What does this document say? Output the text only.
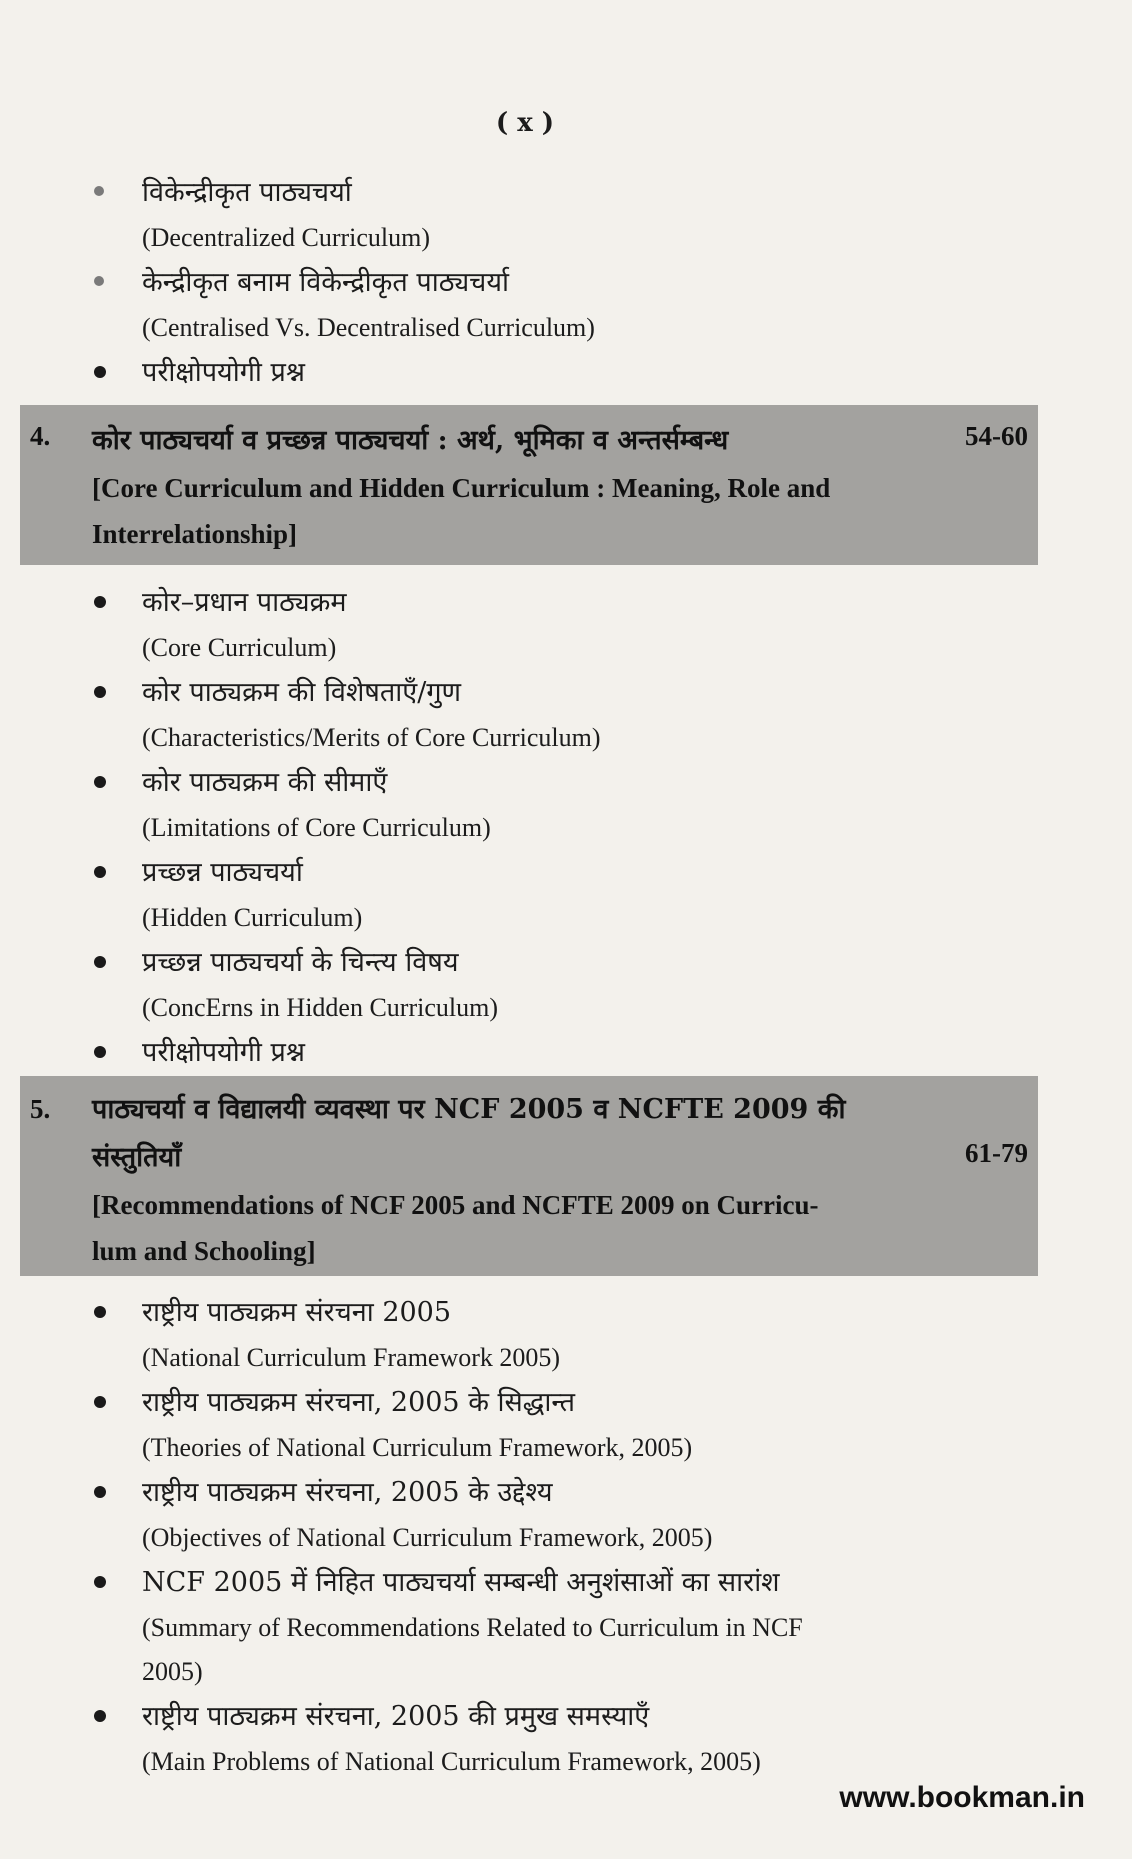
( x )
विकेन्द्रीकृत पाठ्यचर्या
(Decentralized Curriculum)
केन्द्रीकृत बनाम विकेन्द्रीकृत पाठ्यचर्या
(Centralised Vs. Decentralised Curriculum)
परीक्षोपयोगी प्रश्न
4. कोर पाठ्यचर्या व प्रच्छन्न पाठ्यचर्या : अर्थ, भूमिका व अन्तर्सम्बन्ध
[Core Curriculum and Hidden Curriculum : Meaning, Role and
Interrelationship]
54-60
कोर–प्रधान पाठ्यक्रम
(Core Curriculum)
कोर पाठ्यक्रम की विशेषताएँ/गुण
(Characteristics/Merits of Core Curriculum)
कोर पाठ्यक्रम की सीमाएँ
(Limitations of Core Curriculum)
प्रच्छन्न पाठ्यचर्या
(Hidden Curriculum)
प्रच्छन्न पाठ्यचर्या के चिन्त्य विषय
(ConcErns in Hidden Curriculum)
परीक्षोपयोगी प्रश्न
5. पाठ्यचर्या व विद्यालयी व्यवस्था पर NCF 2005 व NCFTE 2009 की
संस्तुतियाँ
[Recommendations of NCF 2005 and NCFTE 2009 on Curricu-
lum and Schooling]
61-79
राष्ट्रीय पाठ्यक्रम संरचना 2005
(National Curriculum Framework 2005)
राष्ट्रीय पाठ्यक्रम संरचना, 2005 के सिद्धान्त
(Theories of National Curriculum Framework, 2005)
राष्ट्रीय पाठ्यक्रम संरचना, 2005 के उद्देश्य
(Objectives of National Curriculum Framework, 2005)
NCF 2005 में निहित पाठ्यचर्या सम्बन्धी अनुशंसाओं का सारांश
(Summary of Recommendations Related to Curriculum in NCF
2005)
राष्ट्रीय पाठ्यक्रम संरचना, 2005 की प्रमुख समस्याएँ
(Main Problems of National Curriculum Framework, 2005)
www.bookman.in
